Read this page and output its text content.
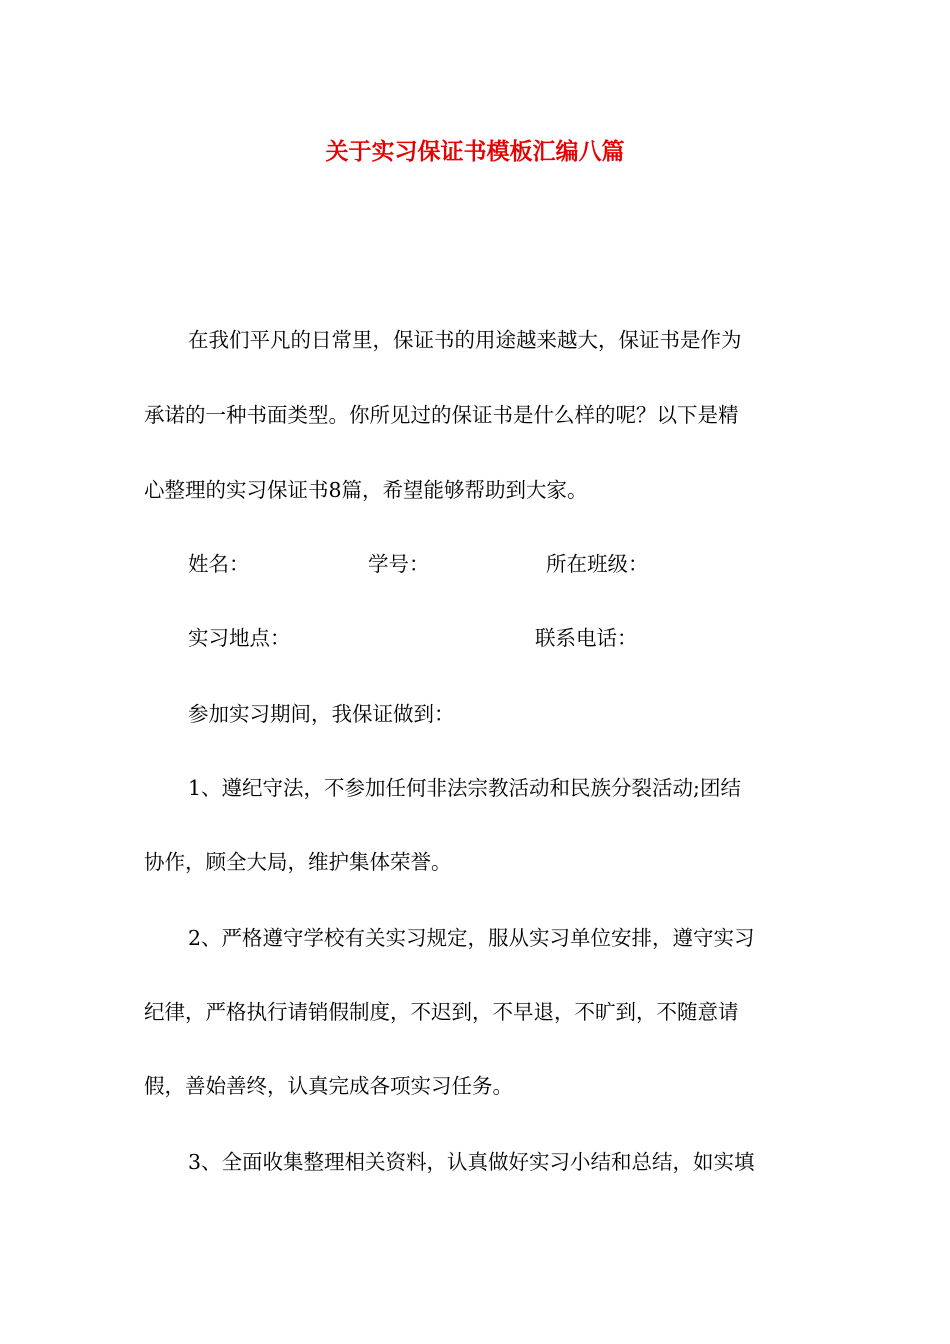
关于实习保证书模板汇编八篇
在我们平凡的日常里，保证书的用途越来越大，保证书是作为
承诺的一种书面类型。你所见过的保证书是什么样的呢？以下是精
心整理的实习保证书8篇，希望能够帮助到大家。
姓名：	学号：	所在班级：
实习地点：	联系电话：
参加实习期间，我保证做到：
1、遵纪守法，不参加任何非法宗教活动和民族分裂活动;团结
协作，顾全大局，维护集体荣誉。
2、严格遵守学校有关实习规定，服从实习单位安排，遵守实习
纪律，严格执行请销假制度，不迟到，不早退，不旷到，不随意请
假，善始善终，认真完成各项实习任务。
3、全面收集整理相关资料，认真做好实习小结和总结，如实填
